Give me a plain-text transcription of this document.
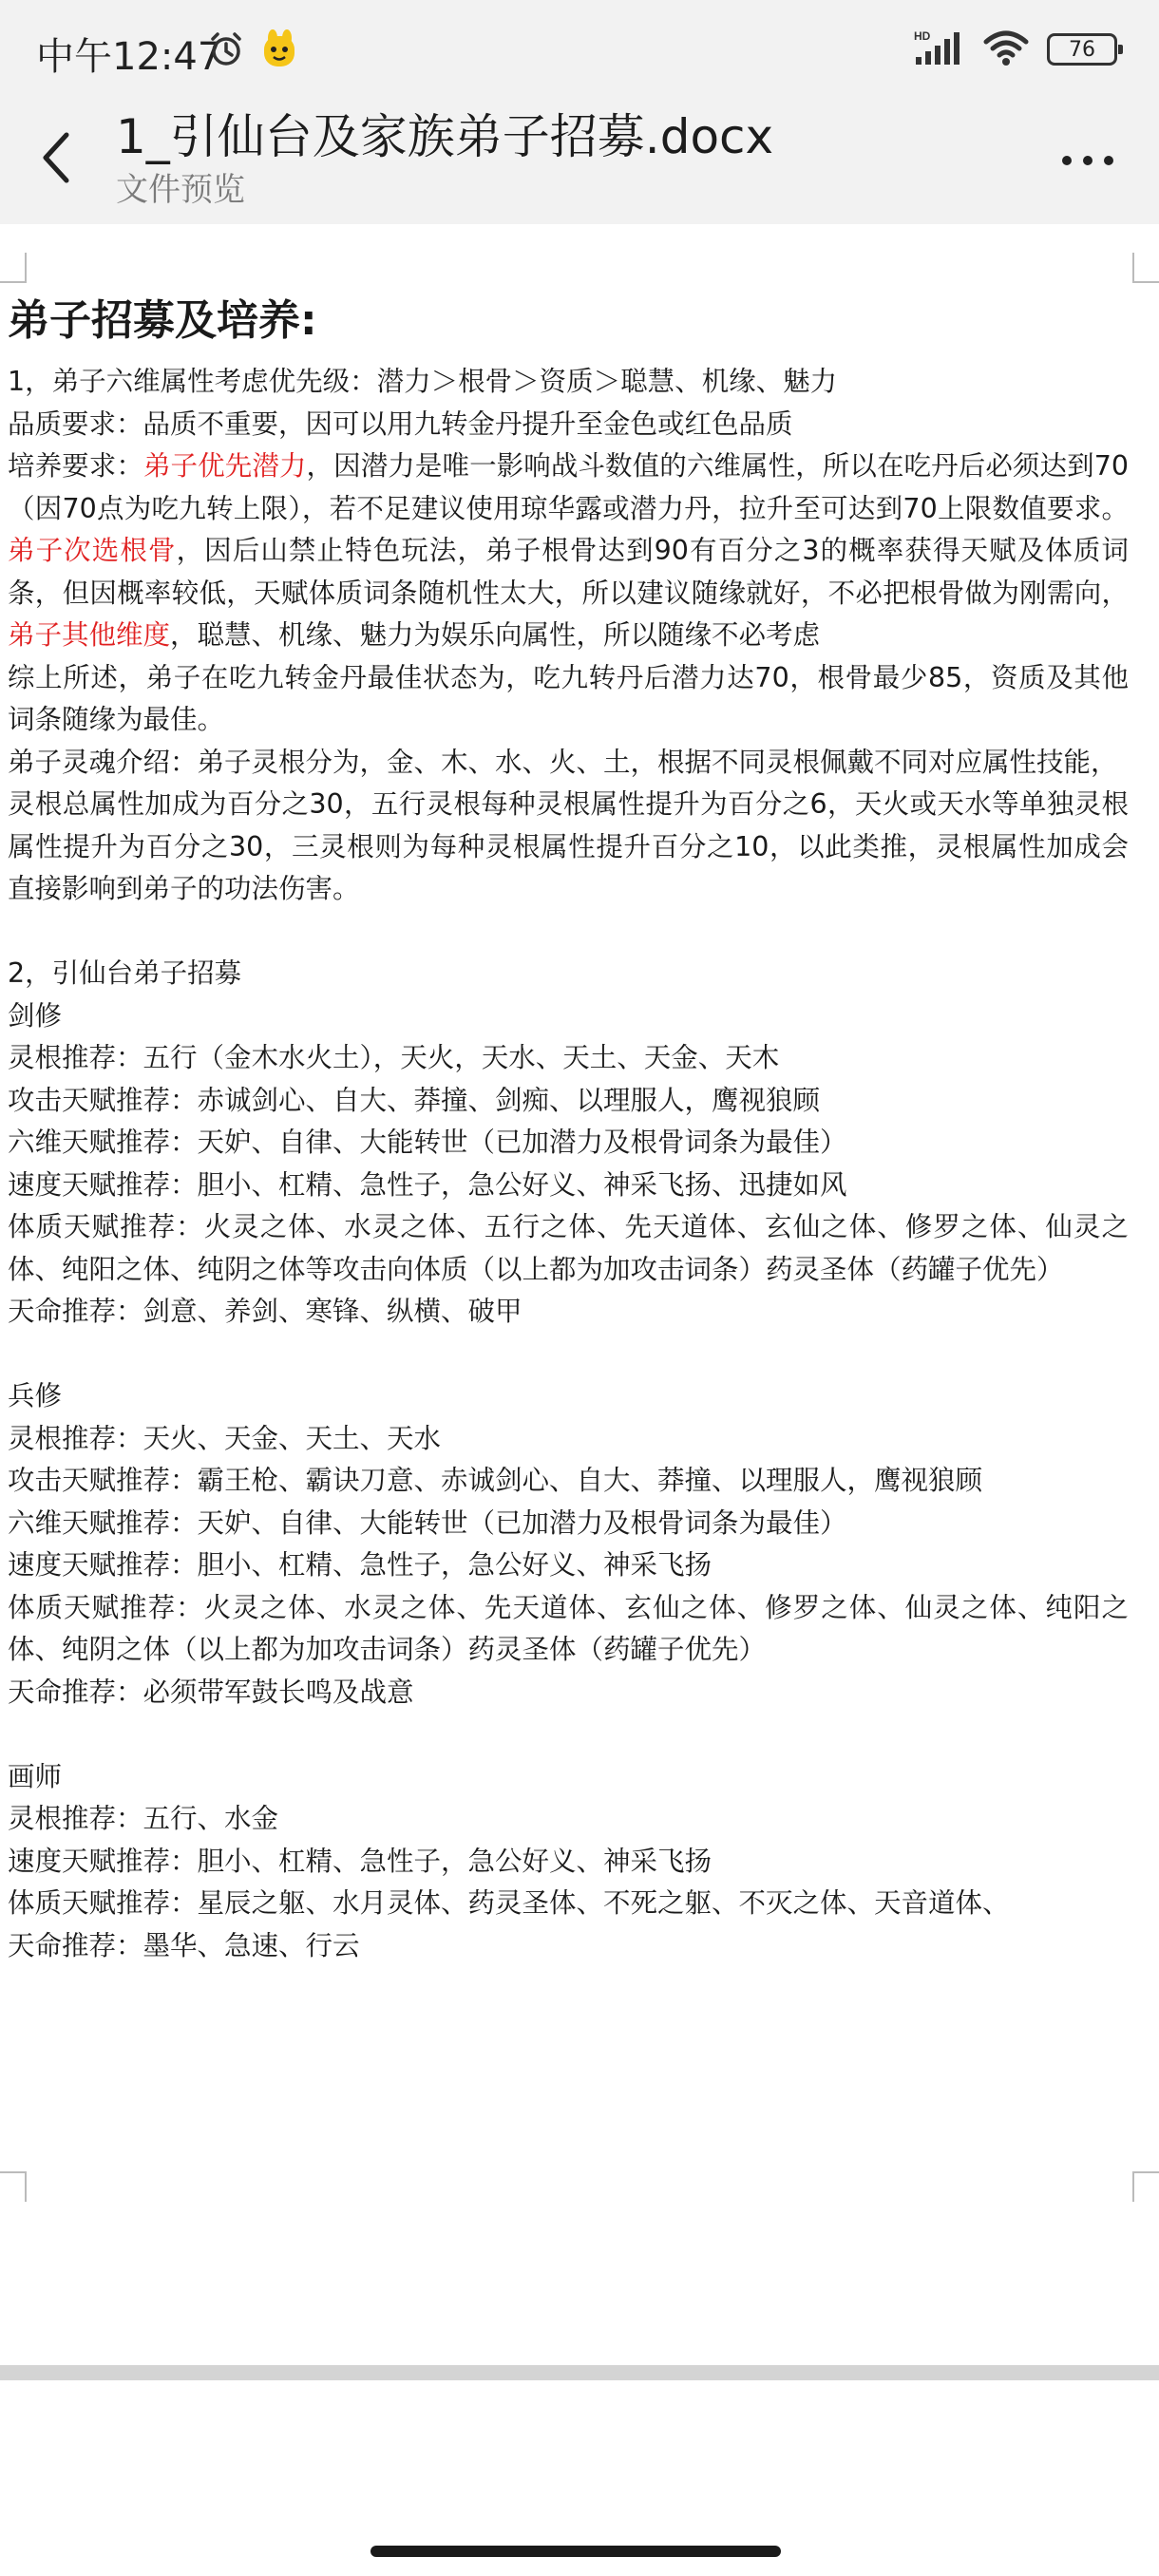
中午12:47	HD
76
1_引仙台及家族弟子招募.docx
文件预览
弟子招募及培养:
1，弟子六维属性考虑优先级：潜力＞根骨＞资质＞聪慧、机缘、魅力
品质要求：品质不重要，因可以用九转金丹提升至金色或红色品质
培养要求：弟子优先潜力，因潜力是唯一影响战斗数值的六维属性，所以在吃丹后必须达到70（因70点为吃九转上限），若不足建议使用琼华露或潜力丹，拉升至可达到70上限数值要求。弟子次选根骨，因后山禁止特色玩法，弟子根骨达到90有百分之3的概率获得天赋及体质词条，但因概率较低，天赋体质词条随机性太大，所以建议随缘就好，不必把根骨做为刚需向，弟子其他维度，聪慧、机缘、魅力为娱乐向属性，所以随缘不必考虑
综上所述，弟子在吃九转金丹最佳状态为，吃九转丹后潜力达70，根骨最少85，资质及其他词条随缘为最佳。
弟子灵魂介绍：弟子灵根分为，金、木、水、火、土，根据不同灵根佩戴不同对应属性技能，
灵根总属性加成为百分之30，五行灵根每种灵根属性提升为百分之6，天火或天水等单独灵根属性提升为百分之30，三灵根则为每种灵根属性提升百分之10，以此类推，灵根属性加成会直接影响到弟子的功法伤害。
2，引仙台弟子招募
剑修
灵根推荐：五行（金木水火土），天火，天水、天土、天金、天木
攻击天赋推荐：赤诚剑心、自大、莽撞、剑痴、以理服人，鹰视狼顾
六维天赋推荐：天妒、自律、大能转世（已加潜力及根骨词条为最佳）
速度天赋推荐：胆小、杠精、急性子，急公好义、神采飞扬、迅捷如风
体质天赋推荐：火灵之体、水灵之体、五行之体、先天道体、玄仙之体、修罗之体、仙灵之体、纯阳之体、纯阴之体等攻击向体质（以上都为加攻击词条）药灵圣体（药罐子优先）
天命推荐：剑意、养剑、寒锋、纵横、破甲
兵修
灵根推荐：天火、天金、天土、天水
攻击天赋推荐：霸王枪、霸诀刀意、赤诚剑心、自大、莽撞、以理服人，鹰视狼顾
六维天赋推荐：天妒、自律、大能转世（已加潜力及根骨词条为最佳）
速度天赋推荐：胆小、杠精、急性子，急公好义、神采飞扬
体质天赋推荐：火灵之体、水灵之体、先天道体、玄仙之体、修罗之体、仙灵之体、纯阳之体、纯阴之体（以上都为加攻击词条）药灵圣体（药罐子优先）
天命推荐：必须带军鼓长鸣及战意
画师
灵根推荐：五行、水金
速度天赋推荐：胆小、杠精、急性子，急公好义、神采飞扬
体质天赋推荐：星辰之躯、水月灵体、药灵圣体、不死之躯、不灭之体、天音道体、
天命推荐：墨华、急速、行云
